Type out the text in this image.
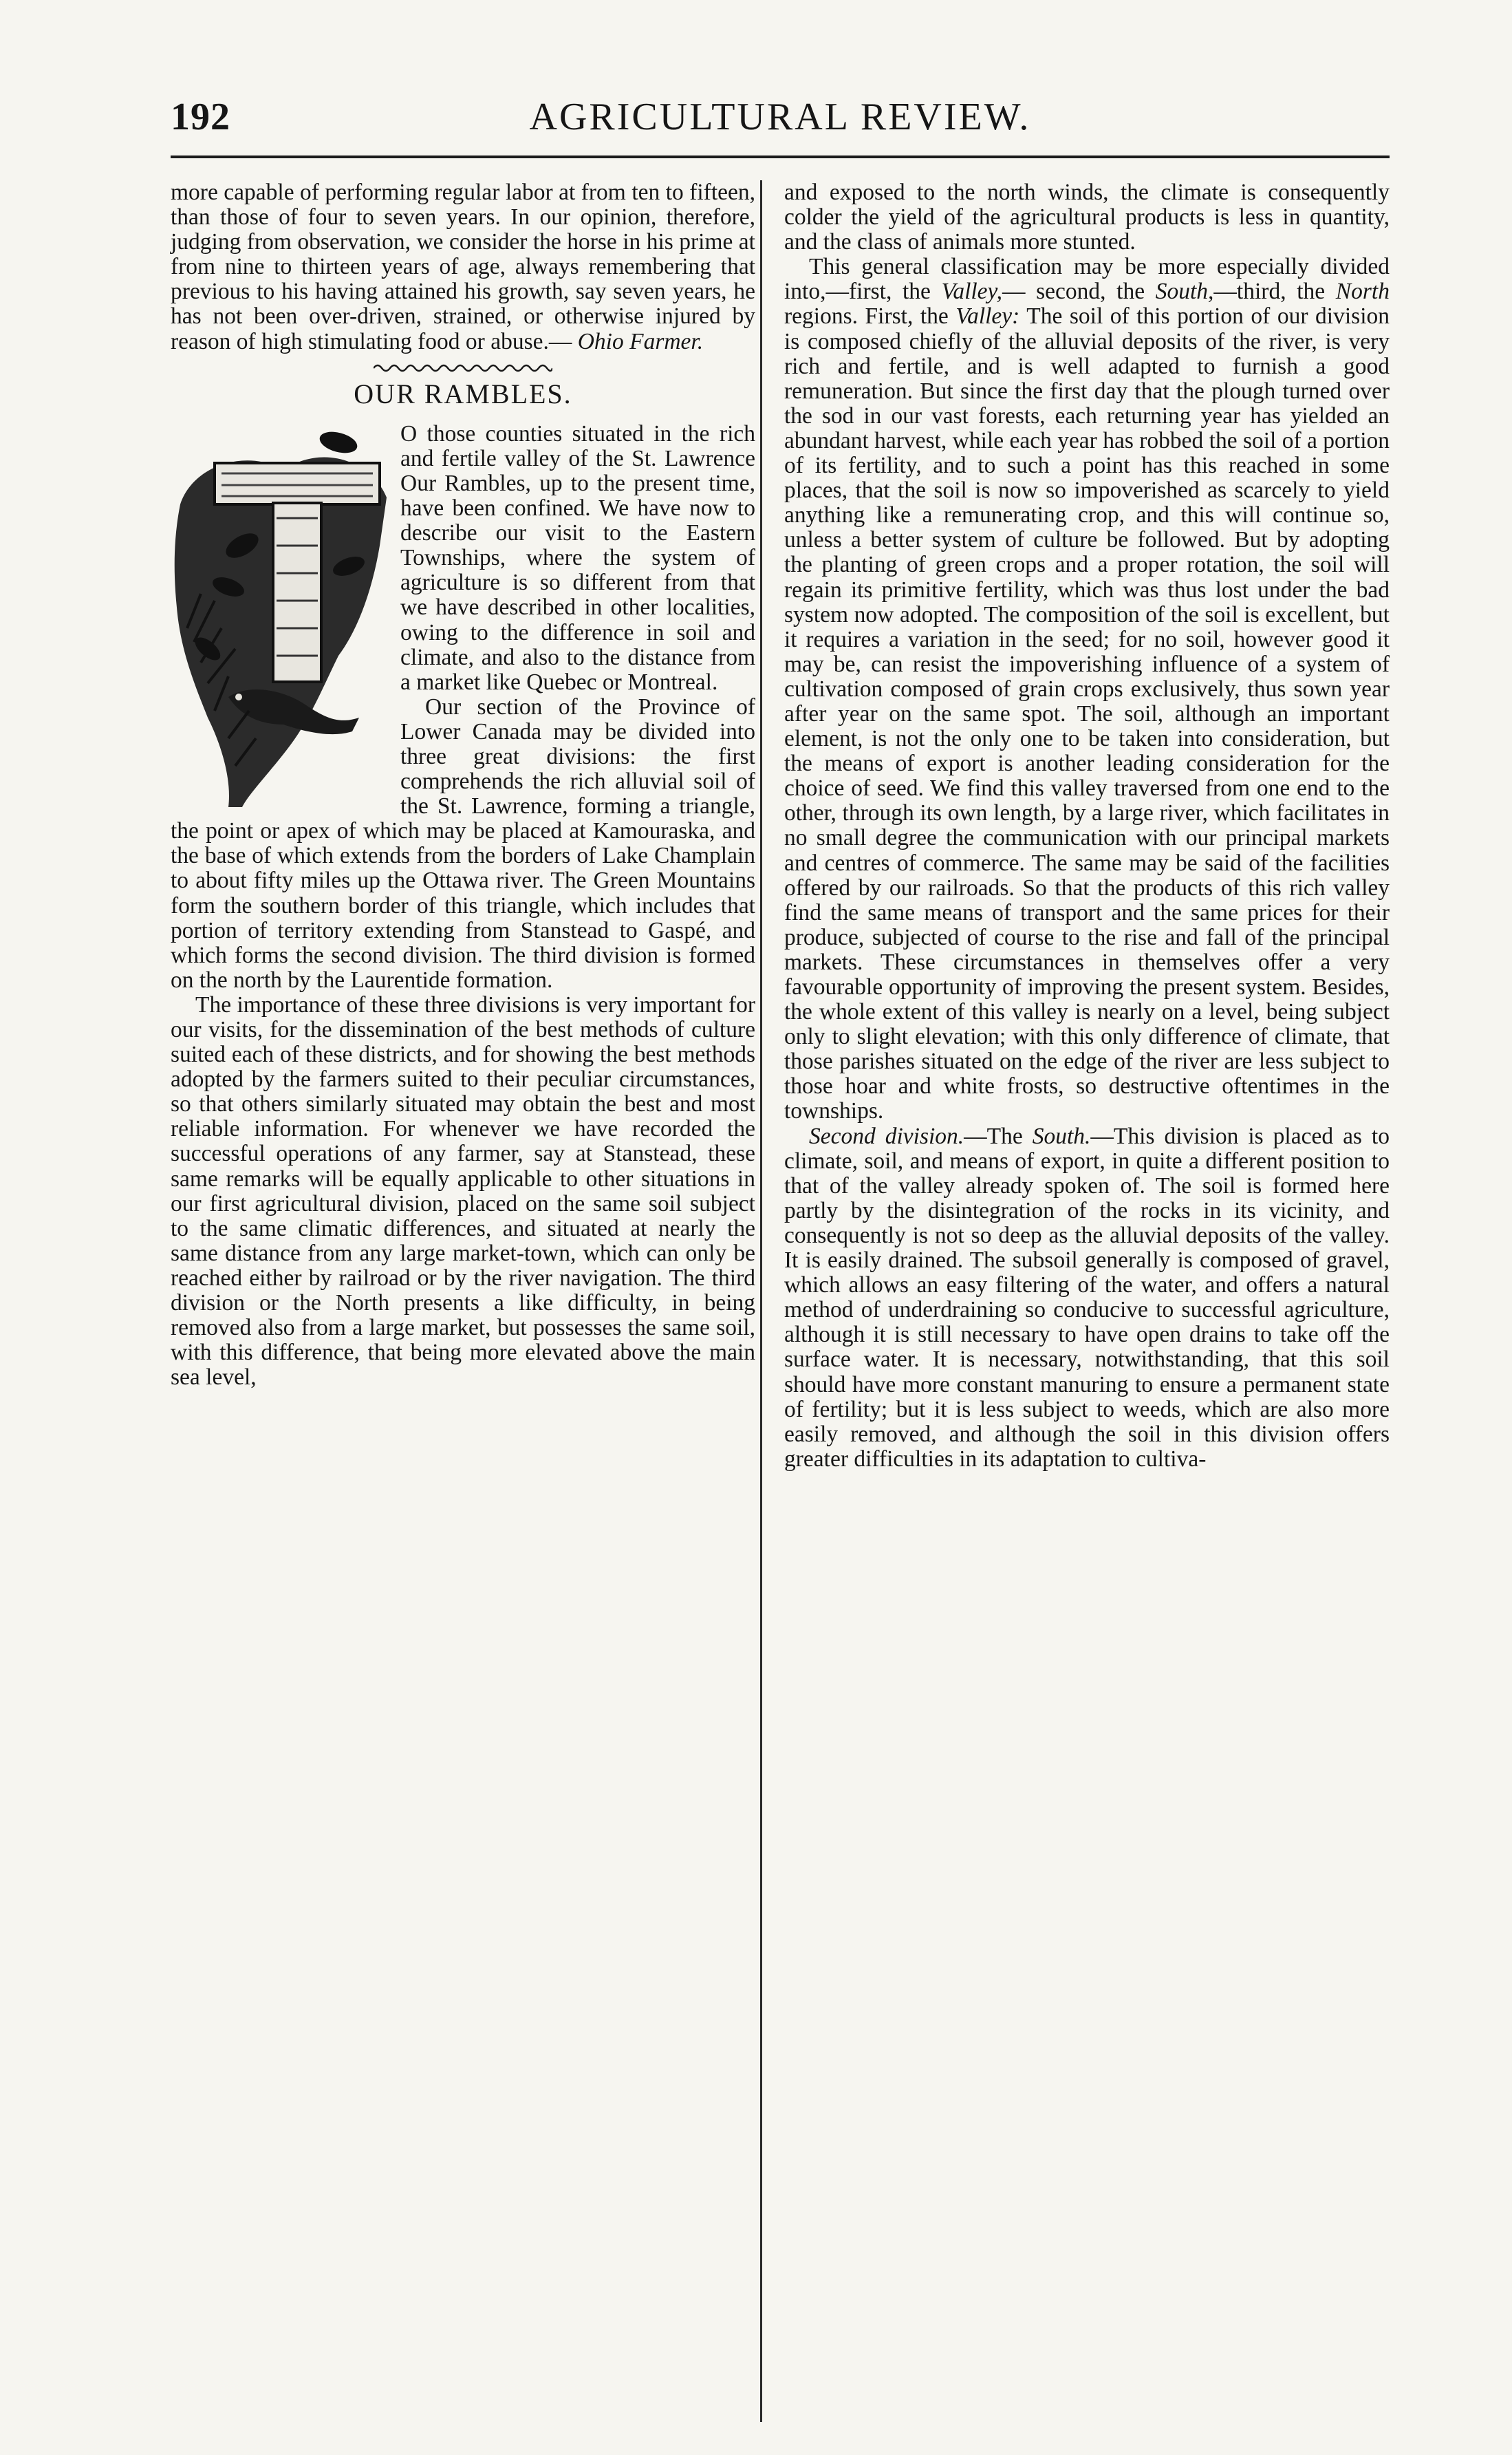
192	AGRICULTURAL REVIEW.

more capable of performing regular labor at from ten to fifteen, than those of four to seven years. In our opinion, therefore, judging from observation, we consider the horse in his prime at from nine to thirteen years of age, always remembering that previous to his having attained his growth, say seven years, he has not been over-driven, strained, or otherwise injured by reason of high stimulating food or abuse.— Ohio Farmer.

OUR RAMBLES.

O those counties situated in the rich and fertile valley of the St. Lawrence Our Rambles, up to the present time, have been confined. We have now to describe our visit to the Eastern Townships, where the system of agriculture is so different from that we have described in other localities, owing to the difference in soil and climate, and also to the distance from a market like Quebec or Montreal.

Our section of the Province of Lower Canada may be divided into three great divisions: the first comprehends the rich alluvial soil of the St. Lawrence, forming a triangle, the point or apex of which may be placed at Kamouraska, and the base of which extends from the borders of Lake Champlain to about fifty miles up the Ottawa river. The Green Mountains form the southern border of this triangle, which includes that portion of territory extending from Stanstead to Gaspé, and which forms the second division. The third division is formed on the north by the Laurentide formation.

The importance of these three divisions is very important for our visits, for the dissemination of the best methods of culture suited each of these districts, and for showing the best methods adopted by the farmers suited to their peculiar circumstances, so that others similarly situated may obtain the best and most reliable information. For whenever we have recorded the successful operations of any farmer, say at Stanstead, these same remarks will be equally applicable to other situations in our first agricultural division, placed on the same soil subject to the same climatic differences, and situated at nearly the same distance from any large market-town, which can only be reached either by railroad or by the river navigation. The third division or the North presents a like difficulty, in being removed also from a large market, but possesses the same soil, with this difference, that being more elevated above the main sea level,

and exposed to the north winds, the climate is consequently colder the yield of the agricultural products is less in quantity, and the class of animals more stunted.

This general classification may be more especially divided into,—first, the Valley,— second, the South,—third, the North regions. First, the Valley: The soil of this portion of our division is composed chiefly of the alluvial deposits of the river, is very rich and fertile, and is well adapted to furnish a good remuneration. But since the first day that the plough turned over the sod in our vast forests, each returning year has yielded an abundant harvest, while each year has robbed the soil of a portion of its fertility, and to such a point has this reached in some places, that the soil is now so impoverished as scarcely to yield anything like a remunerating crop, and this will continue so, unless a better system of culture be followed. But by adopting the planting of green crops and a proper rotation, the soil will regain its primitive fertility, which was thus lost under the bad system now adopted. The composition of the soil is excellent, but it requires a variation in the seed; for no soil, however good it may be, can resist the impoverishing influence of a system of cultivation composed of grain crops exclusively, thus sown year after year on the same spot. The soil, although an important element, is not the only one to be taken into consideration, but the means of export is another leading consideration for the choice of seed. We find this valley traversed from one end to the other, through its own length, by a large river, which facilitates in no small degree the communication with our principal markets and centres of commerce. The same may be said of the facilities offered by our railroads. So that the products of this rich valley find the same means of transport and the same prices for their produce, subjected of course to the rise and fall of the principal markets. These circumstances in themselves offer a very favourable opportunity of improving the present system. Besides, the whole extent of this valley is nearly on a level, being subject only to slight elevation; with this only difference of climate, that those parishes situated on the edge of the river are less subject to those hoar and white frosts, so destructive oftentimes in the townships.

Second division.—The South.—This division is placed as to climate, soil, and means of export, in quite a different position to that of the valley already spoken of. The soil is formed here partly by the disintegration of the rocks in its vicinity, and consequently is not so deep as the alluvial deposits of the valley. It is easily drained. The subsoil generally is composed of gravel, which allows an easy filtering of the water, and offers a natural method of underdraining so conducive to successful agriculture, although it is still necessary to have open drains to take off the surface water. It is necessary, notwithstanding, that this soil should have more constant manuring to ensure a permanent state of fertility; but it is less subject to weeds, which are also more easily removed, and although the soil in this division offers greater difficulties in its adaptation to cultiva-
